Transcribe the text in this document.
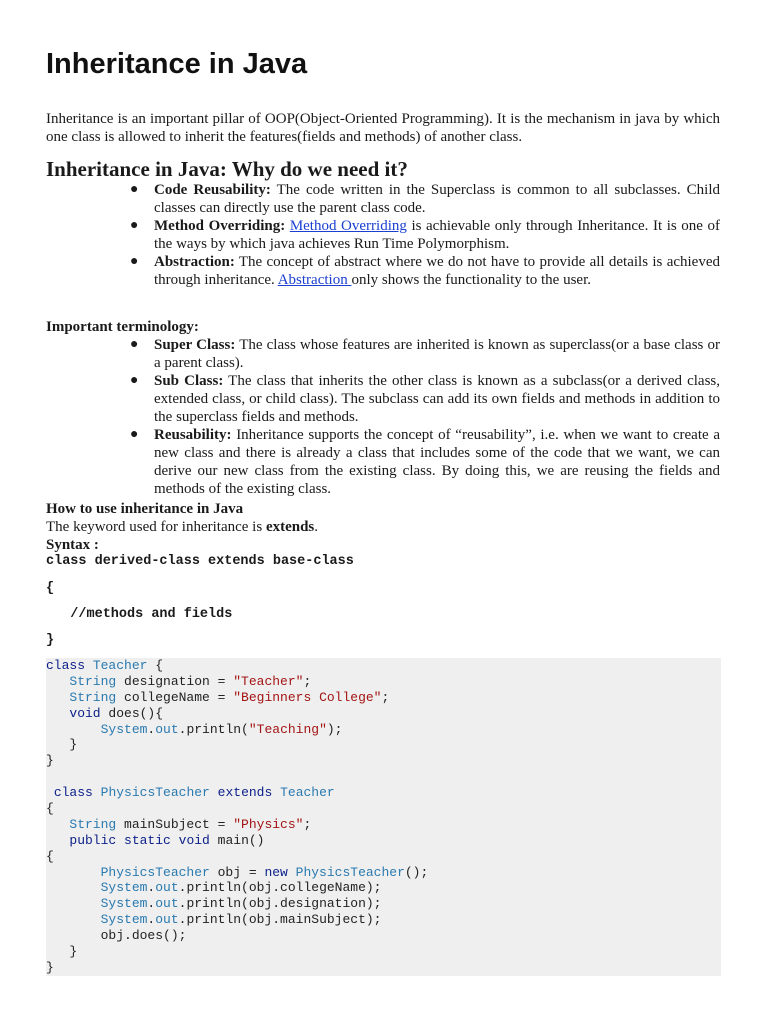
Inheritance in Java

Inheritance is an important pillar of OOP(Object-Oriented Programming). It is the mechanism in java by which one class is allowed to inherit the features(fields and methods) of another class.

Inheritance in Java: Why do we need it?
● Code Reusability: The code written in the Superclass is common to all subclasses. Child classes can directly use the parent class code.
● Method Overriding: Method Overriding is achievable only through Inheritance. It is one of the ways by which java achieves Run Time Polymorphism.
● Abstraction: The concept of abstract where we do not have to provide all details is achieved through inheritance. Abstraction only shows the functionality to the user.

Important terminology:

● Super Class: The class whose features are inherited is known as superclass(or a base class or a parent class).
● Sub Class: The class that inherits the other class is known as a subclass(or a derived class, extended class, or child class). The subclass can add its own fields and methods in addition to the superclass fields and methods.
● Reusability: Inheritance supports the concept of “reusability”, i.e. when we want to create a new class and there is already a class that includes some of the code that we want, we can derive our new class from the existing class. By doing this, we are reusing the fields and methods of the existing class.

How to use inheritance in Java

The keyword used for inheritance is extends.

Syntax :

class derived-class extends base-class

{

//methods and fields

}

class Teacher {
String designation = "Teacher";
String collegeName = "Beginners College";
void does(){
System.out.println("Teaching");
}
}
class PhysicsTeacher extends Teacher
{
String mainSubject = "Physics";
public static void main()
{
PhysicsTeacher obj = new PhysicsTeacher();
System.out.println(obj.collegeName);
System.out.println(obj.designation);
System.out.println(obj.mainSubject);
obj.does();
}
}
